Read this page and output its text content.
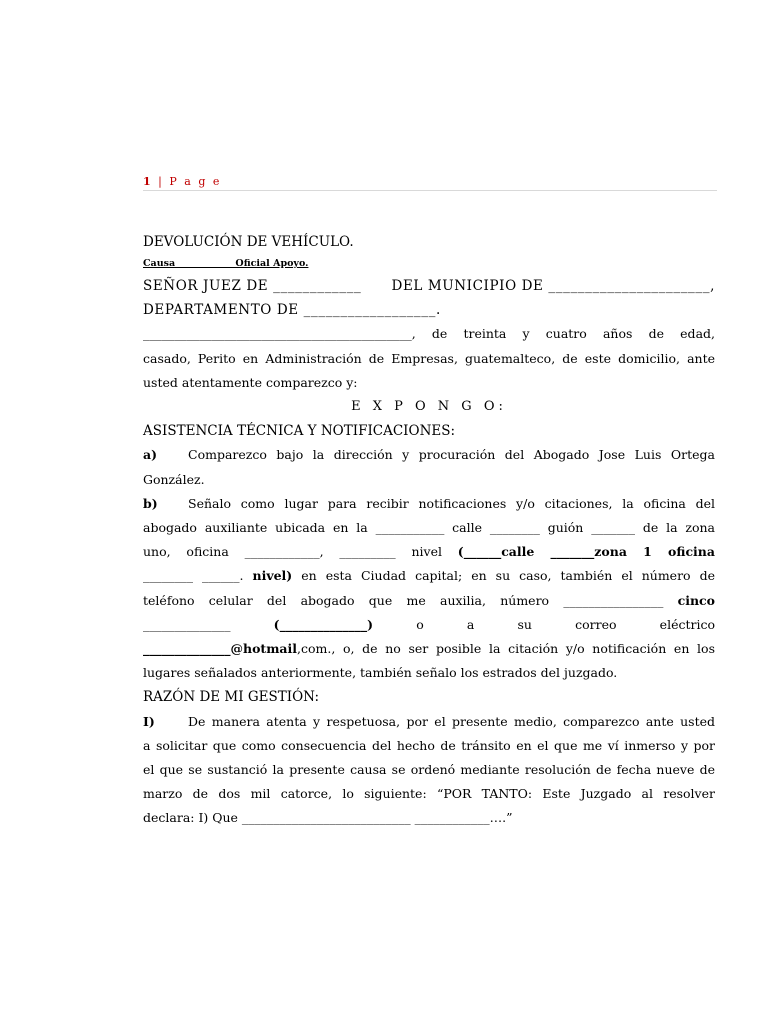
1 | P a g e
DEVOLUCIÓN DE VEHÍCULO.
Causa ____________Oficial Apoyo.
SEÑOR JUEZ DE ____________ DEL MUNICIPIO DE ______________________,
DEPARTAMENTO DE __________________.
___________________________________________, de treinta y cuatro años de edad,
casado, Perito en Administración de Empresas, guatemalteco, de este domicilio, ante
usted atentamente comparezco y:
E X P O N G O:
ASISTENCIA TÉCNICA Y NOTIFICACIONES:
a) Comparezco bajo la dirección y procuración del Abogado Jose Luis Ortega
González.
b) Señalo como lugar para recibir notificaciones y/o citaciones, la oficina del
abogado auxiliante ubicada en la ___________ calle ________ guión _______ de la zona
uno, oficina ____________, _________ nivel (______calle _______zona 1 oficina
________ ______. nivel) en esta Ciudad capital; en su caso, también el número de
teléfono celular del abogado que me auxilia, número ________________ cinco
______________	(______________)	o a su correo eléctrico
______________@hotmail,com., o, de no ser posible la citación y/o notificación en los
lugares señalados anteriormente, también señalo los estrados del juzgado.
RAZÓN DE MI GESTIÓN:
I)	De manera atenta y respetuosa, por el presente medio, comparezco ante usted
a solicitar que como consecuencia del hecho de tránsito en el que me ví inmerso y por
el que se sustanció la presente causa se ordenó mediante resolución de fecha nueve de
marzo de dos mil catorce, lo siguiente: “POR TANTO: Este Juzgado al resolver
declara: I) Que ___________________________ ____________….”
